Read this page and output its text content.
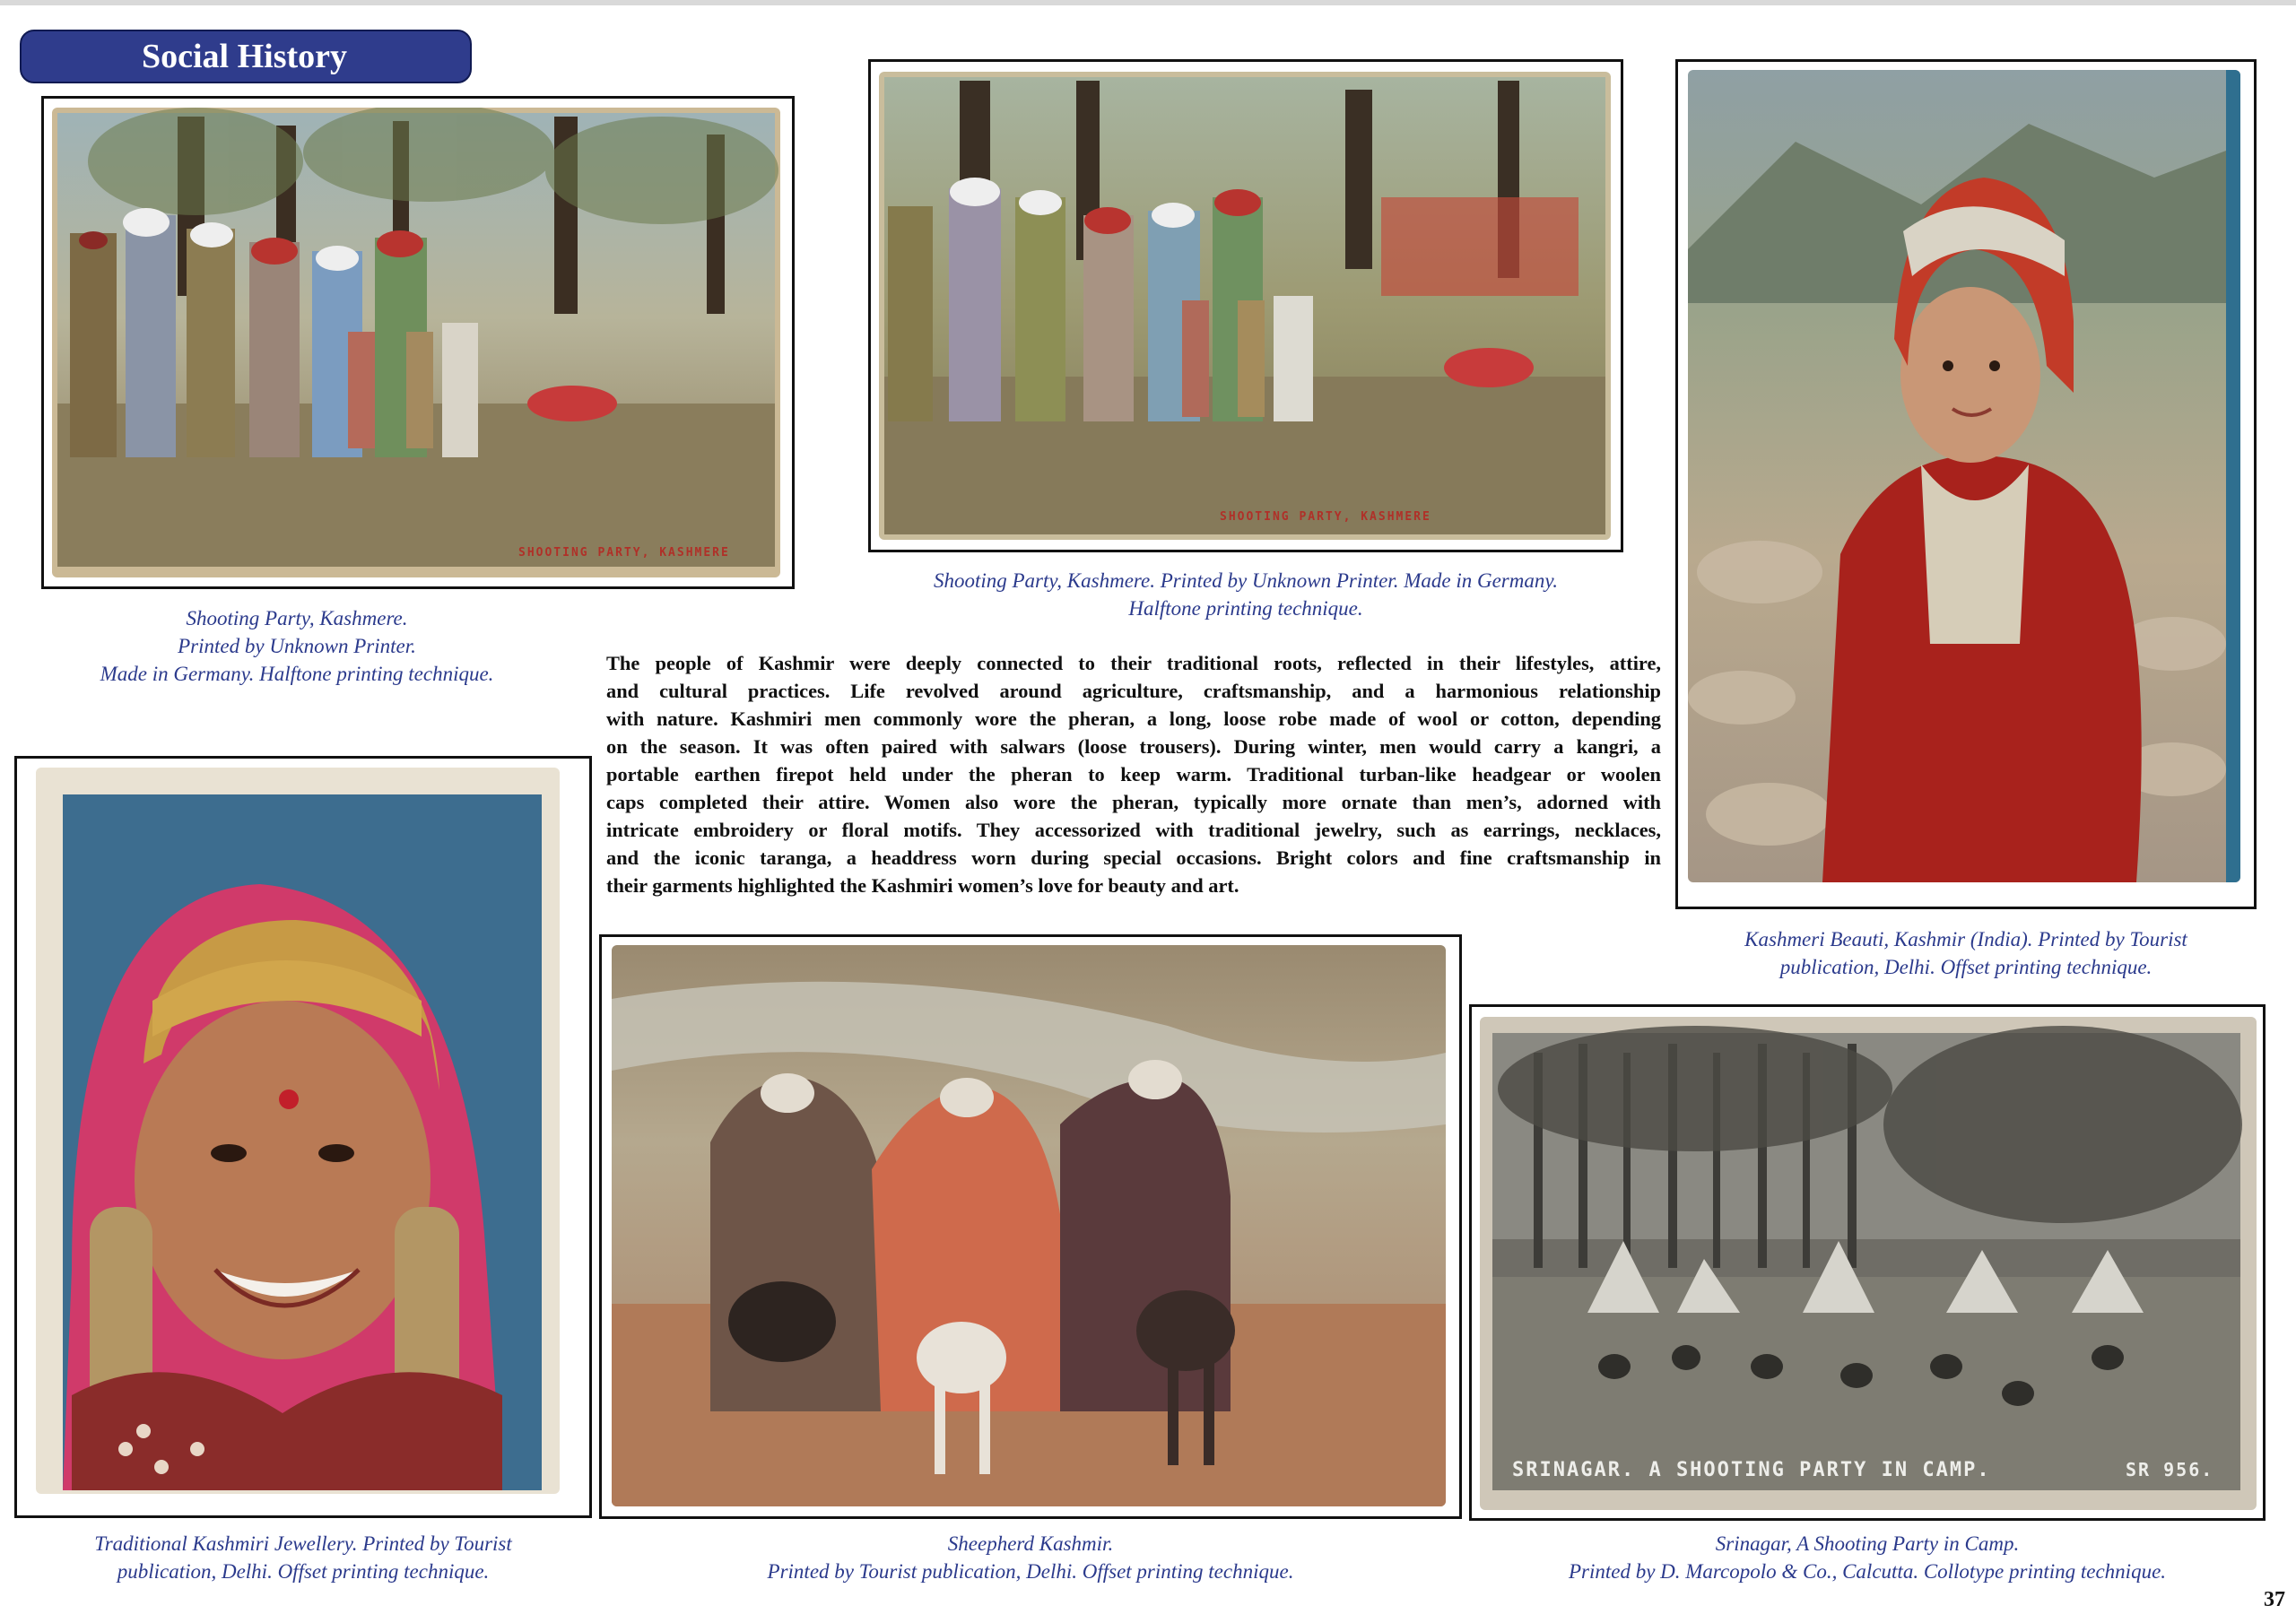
Social History
SHOOTING PARTY, KASHMERE
Shooting Party, Kashmere.
Printed by Unknown Printer.
Made in Germany. Halftone printing technique.
SHOOTING PARTY, KASHMERE
Shooting Party, Kashmere. Printed by Unknown Printer. Made in Germany.
Halftone printing technique.
Kashmeri Beauti, Kashmir (India). Printed by Tourist
publication, Delhi. Offset printing technique.
The people of Kashmir were deeply connected to their traditional roots, reflected in their lifestyles, attire,
and cultural practices. Life revolved around agriculture, craftsmanship, and a harmonious relationship
with nature. Kashmiri men commonly wore the pheran, a long, loose robe made of wool or cotton, depending
on the season. It was often paired with salwars (loose trousers). During winter, men would carry a kangri, a
portable earthen firepot held under the pheran to keep warm. Traditional turban-like headgear or woolen
caps completed their attire. Women also wore the pheran, typically more ornate than men’s, adorned with
intricate embroidery or floral motifs. They accessorized with traditional jewelry, such as earrings, necklaces,
and the iconic taranga, a headdress worn during special occasions. Bright colors and fine craftsmanship in
their garments highlighted the Kashmiri women’s love for beauty and art.
Traditional Kashmiri Jewellery. Printed by Tourist
publication, Delhi. Offset printing technique.
Sheepherd Kashmir.
Printed by Tourist publication, Delhi. Offset printing technique.
SRINAGAR. A SHOOTING PARTY IN CAMP.	SR 956.
Srinagar, A Shooting Party in Camp.
Printed by D. Marcopolo & Co., Calcutta. Collotype printing technique.
37
